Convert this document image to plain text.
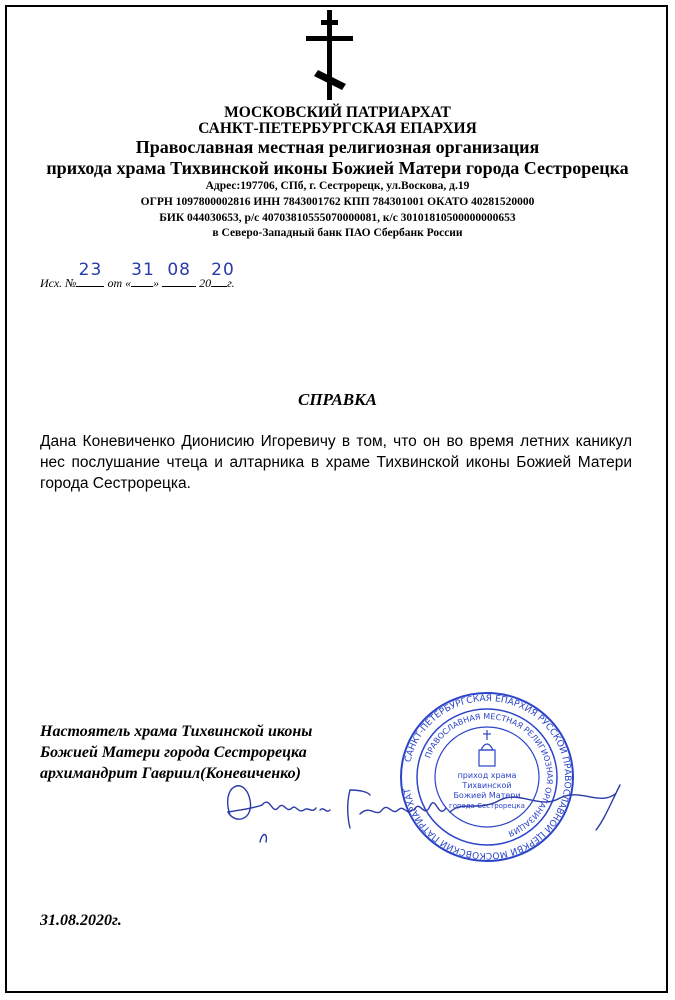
МОСКОВСКИЙ ПАТРИАРХАТ
САНКТ-ПЕТЕРБУРГСКАЯ ЕПАРХИЯ
Православная местная религиозная организация
прихода храма Тихвинской иконы Божией Матери города Сестрорецка
Адрес:197706, СПб, г. Сестрорецк, ул.Воскова, д.19
ОГРН 1097800002816 ИНН 7843001762 КПП 784301001 ОКАТО 40281520000
БИК 044030653, р/с 40703810555070000081, к/с 30101810500000000653
в Северо-Западный банк ПАО Сбербанк России
Исх. №
23
от «
31
»
08
20
20
г.
СПРАВКА
Дана Коневиченко Дионисию Игоревичу в том, что он во время летних каникул нес послушание чтеца и алтарника в храме Тихвинской иконы Божией Матери города Сестрорецка.
Настоятель храма Тихвинской иконы
Божией Матери города Сестрорецка
архимандрит Гавриил(Коневиченко)
САНКТ-ПЕТЕРБУРГСКАЯ ЕПАРХИЯ РУССКОЙ ПРАВОСЛАВНОЙ ЦЕРКВИ МОСКОВСКИЙ ПАТРИАРХАТ
ПРАВОСЛАВНАЯ МЕСТНАЯ РЕЛИГИОЗНАЯ ОРГАНИЗАЦИЯ
приход храма
Тихвинской
Божией Матери
города Сестрорецка
31.08.2020г.
